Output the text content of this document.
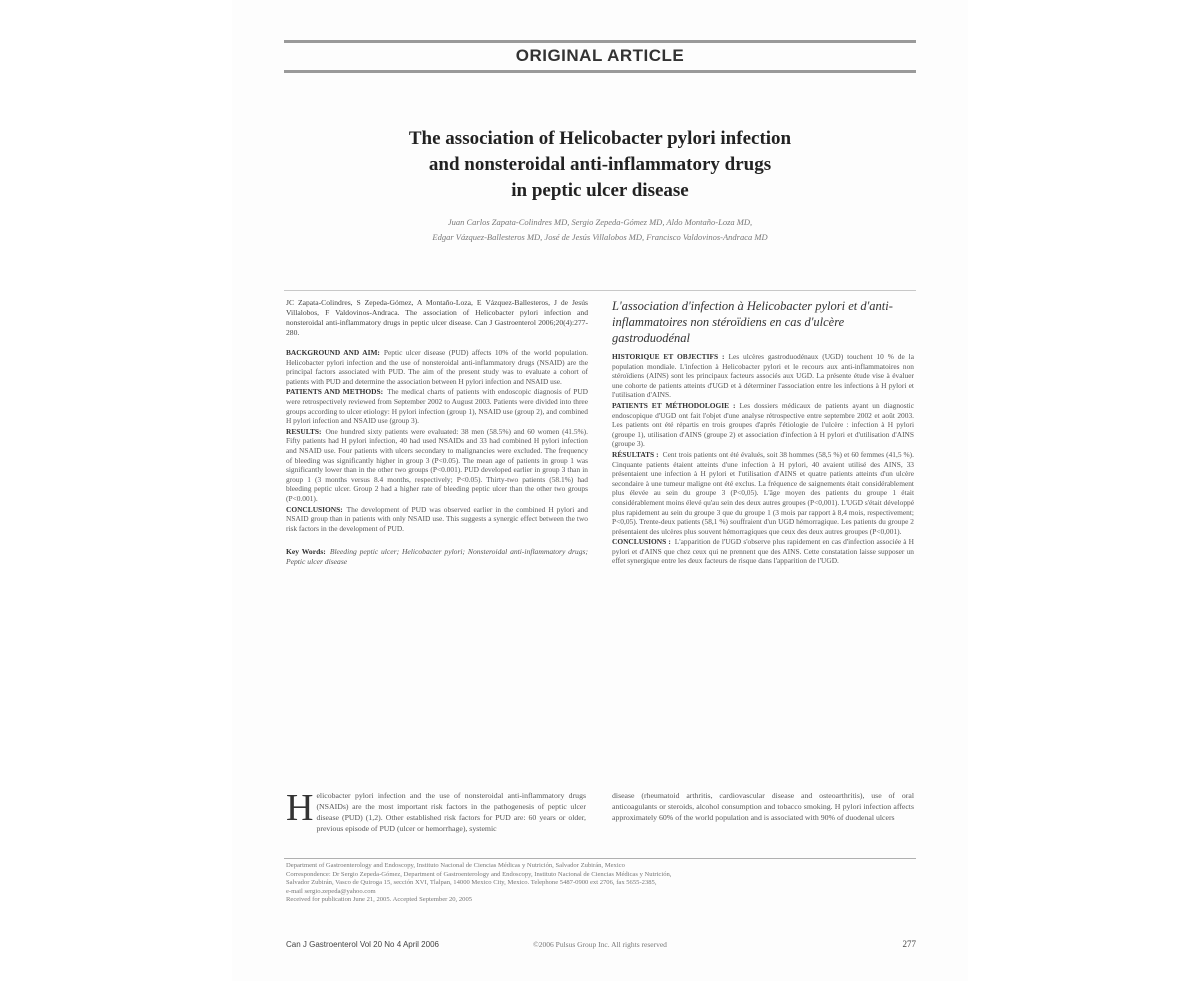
ORIGINAL ARTICLE
The association of Helicobacter pylori infection
and nonsteroidal anti-inflammatory drugs
in peptic ulcer disease
Juan Carlos Zapata-Colindres MD, Sergio Zepeda-Gómez MD, Aldo Montaño-Loza MD,
Edgar Vázquez-Ballesteros MD, José de Jesús Villalobos MD, Francisco Valdovinos-Andraca MD

JC Zapata-Colindres, S Zepeda-Gómez, A Montaño-Loza, E Vázquez-Ballesteros, J de Jesús Villalobos, F Valdovinos-Andraca. The association of Helicobacter pylori infection and nonsteroidal anti-inflammatory drugs in peptic ulcer disease. Can J Gastroenterol 2006;20(4):277-280.

BACKGROUND AND AIM: Peptic ulcer disease (PUD) affects 10% of the world population. Helicobacter pylori infection and the use of nonsteroidal anti-inflammatory drugs (NSAID) are the principal factors associated with PUD. The aim of the present study was to evaluate a cohort of patients with PUD and determine the association between H pylori infection and NSAID use.

PATIENTS AND METHODS: The medical charts of patients with endoscopic diagnosis of PUD were retrospectively reviewed from September 2002 to August 2003. Patients were divided into three groups according to ulcer etiology: H pylori infection (group 1), NSAID use (group 2), and combined H pylori infection and NSAID use (group 3).

RESULTS: One hundred sixty patients were evaluated: 38 men (58.5%) and 60 women (41.5%). Fifty patients had H pylori infection, 40 had used NSAIDs and 33 had combined H pylori infection and NSAID use. Four patients with ulcers secondary to malignancies were excluded. The frequency of bleeding was significantly higher in group 3 (P<0.05). The mean age of patients in group 1 was significantly lower than in the other two groups (P<0.001). PUD developed earlier in group 3 than in group 1 (3 months versus 8.4 months, respectively; P<0.05). Thirty-two patients (58.1%) had bleeding peptic ulcer. Group 2 had a higher rate of bleeding peptic ulcer than the other two groups (P<0.001).

CONCLUSIONS: The development of PUD was observed earlier in the combined H pylori and NSAID group than in patients with only NSAID use. This suggests a synergic effect between the two risk factors in the development of PUD.

Key Words: Bleeding peptic ulcer; Helicobacter pylori; Nonsteroidal anti-inflammatory drugs; Peptic ulcer disease

L'association d'infection à Helicobacter pylori et d'anti-inflammatoires non stéroïdiens en cas d'ulcère gastroduodénal

HISTORIQUE ET OBJECTIFS : Les ulcères gastroduodénaux (UGD) touchent 10 % de la population mondiale. L'infection à Helicobacter pylori et le recours aux anti-inflammatoires non stéroïdiens (AINS) sont les principaux facteurs associés aux UGD. La présente étude vise à évaluer une cohorte de patients atteints d'UGD et à déterminer l'association entre les infections à H pylori et l'utilisation d'AINS.

PATIENTS ET MÉTHODOLOGIE : Les dossiers médicaux de patients ayant un diagnostic endoscopique d'UGD ont fait l'objet d'une analyse rétrospective entre septembre 2002 et août 2003. Les patients ont été répartis en trois groupes d'après l'étiologie de l'ulcère : infection à H pylori (groupe 1), utilisation d'AINS (groupe 2) et association d'infection à H pylori et d'utilisation d'AINS (groupe 3).

RÉSULTATS : Cent trois patients ont été évalués, soit 38 hommes (58,5 %) et 60 femmes (41,5 %). Cinquante patients étaient atteints d'une infection à H pylori, 40 avaient utilisé des AINS, 33 présentaient une infection à H pylori et l'utilisation d'AINS et quatre patients atteints d'un ulcère secondaire à une tumeur maligne ont été exclus. La fréquence de saignements était considérablement plus élevée au sein du groupe 3 (P<0,05). L'âge moyen des patients du groupe 1 était considérablement moins élevé qu'au sein des deux autres groupes (P<0,001). L'UGD s'était développé plus rapidement au sein du groupe 3 que du groupe 1 (3 mois par rapport à 8,4 mois, respectivement; P<0,05). Trente-deux patients (58,1 %) souffraient d'un UGD hémorragique. Les patients du groupe 2 présentaient des ulcères plus souvent hémorragiques que ceux des deux autres groupes (P<0,001).

CONCLUSIONS : L'apparition de l'UGD s'observe plus rapidement en cas d'infection associée à H pylori et d'AINS que chez ceux qui ne prennent que des AINS. Cette constatation laisse supposer un effet synergique entre les deux facteurs de risque dans l'apparition de l'UGD.

Helicobacter pylori infection and the use of nonsteroidal anti-inflammatory drugs (NSAIDs) are the most important risk factors in the pathogenesis of peptic ulcer disease (PUD) (1,2). Other established risk factors for PUD are: 60 years or older, previous episode of PUD (ulcer or hemorrhage), systemic
disease (rheumatoid arthritis, cardiovascular disease and osteoarthritis), use of oral anticoagulants or steroids, alcohol consumption and tobacco smoking. H pylori infection affects approximately 60% of the world population and is associated with 90% of duodenal ulcers

Department of Gastroenterology and Endoscopy, Instituto Nacional de Ciencias Médicas y Nutrición, Salvador Zubirán, Mexico

Correspondence: Dr Sergio Zepeda-Gómez, Department of Gastroenterology and Endoscopy, Instituto Nacional de Ciencias Médicas y Nutrición,

Salvador Zubirán, Vasco de Quiroga 15, sección XVI, Tlalpan, 14000 Mexico City, Mexico. Telephone 5487-0900 ext 2706, fax 5655-2385,

e-mail sergio.zepeda@yahoo.com

Received for publication June 21, 2005. Accepted September 20, 2005

Can J Gastroenterol Vol 20 No 4 April 2006	©2006 Pulsus Group Inc. All rights reserved	277
